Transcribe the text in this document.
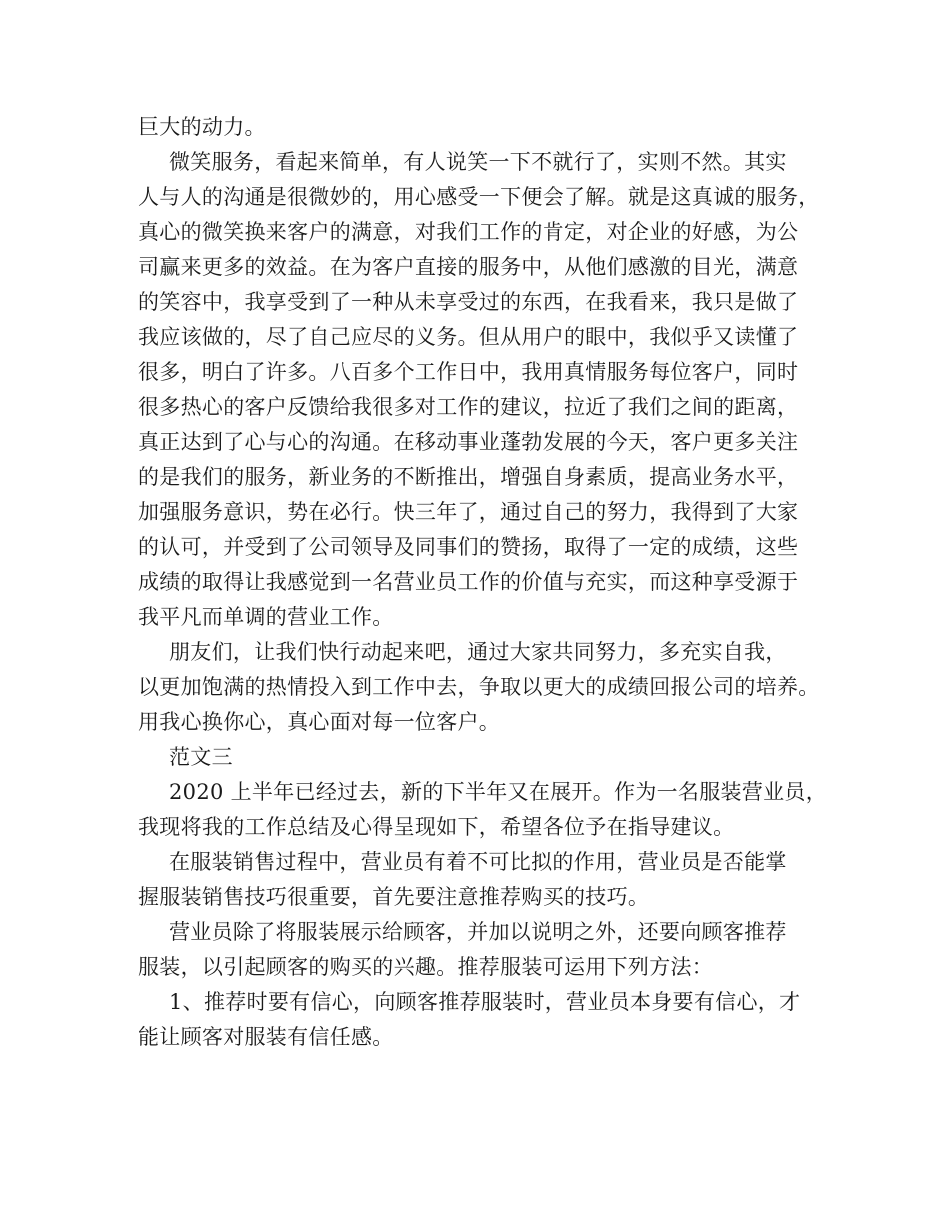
巨大的动力。
微笑服务，看起来简单，有人说笑一下不就行了，实则不然。其实
人与人的沟通是很微妙的，用心感受一下便会了解。就是这真诚的服务，
真心的微笑换来客户的满意，对我们工作的肯定，对企业的好感，为公
司赢来更多的效益。在为客户直接的服务中，从他们感激的目光，满意
的笑容中，我享受到了一种从未享受过的东西，在我看来，我只是做了
我应该做的，尽了自己应尽的义务。但从用户的眼中，我似乎又读懂了
很多，明白了许多。八百多个工作日中，我用真情服务每位客户，同时
很多热心的客户反馈给我很多对工作的建议，拉近了我们之间的距离，
真正达到了心与心的沟通。在移动事业蓬勃发展的今天，客户更多关注
的是我们的服务，新业务的不断推出，增强自身素质，提高业务水平，
加强服务意识，势在必行。快三年了，通过自己的努力，我得到了大家
的认可，并受到了公司领导及同事们的赞扬，取得了一定的成绩，这些
成绩的取得让我感觉到一名营业员工作的价值与充实，而这种享受源于
我平凡而单调的营业工作。
朋友们，让我们快行动起来吧，通过大家共同努力，多充实自我，
以更加饱满的热情投入到工作中去，争取以更大的成绩回报公司的培养。
用我心换你心，真心面对每一位客户。
范文三
2020 上半年已经过去，新的下半年又在展开。作为一名服装营业员，
我现将我的工作总结及心得呈现如下，希望各位予在指导建议。
在服装销售过程中，营业员有着不可比拟的作用，营业员是否能掌
握服装销售技巧很重要，首先要注意推荐购买的技巧。
营业员除了将服装展示给顾客，并加以说明之外，还要向顾客推荐
服装，以引起顾客的购买的兴趣。推荐服装可运用下列方法：
1、推荐时要有信心，向顾客推荐服装时，营业员本身要有信心，才
能让顾客对服装有信任感。
